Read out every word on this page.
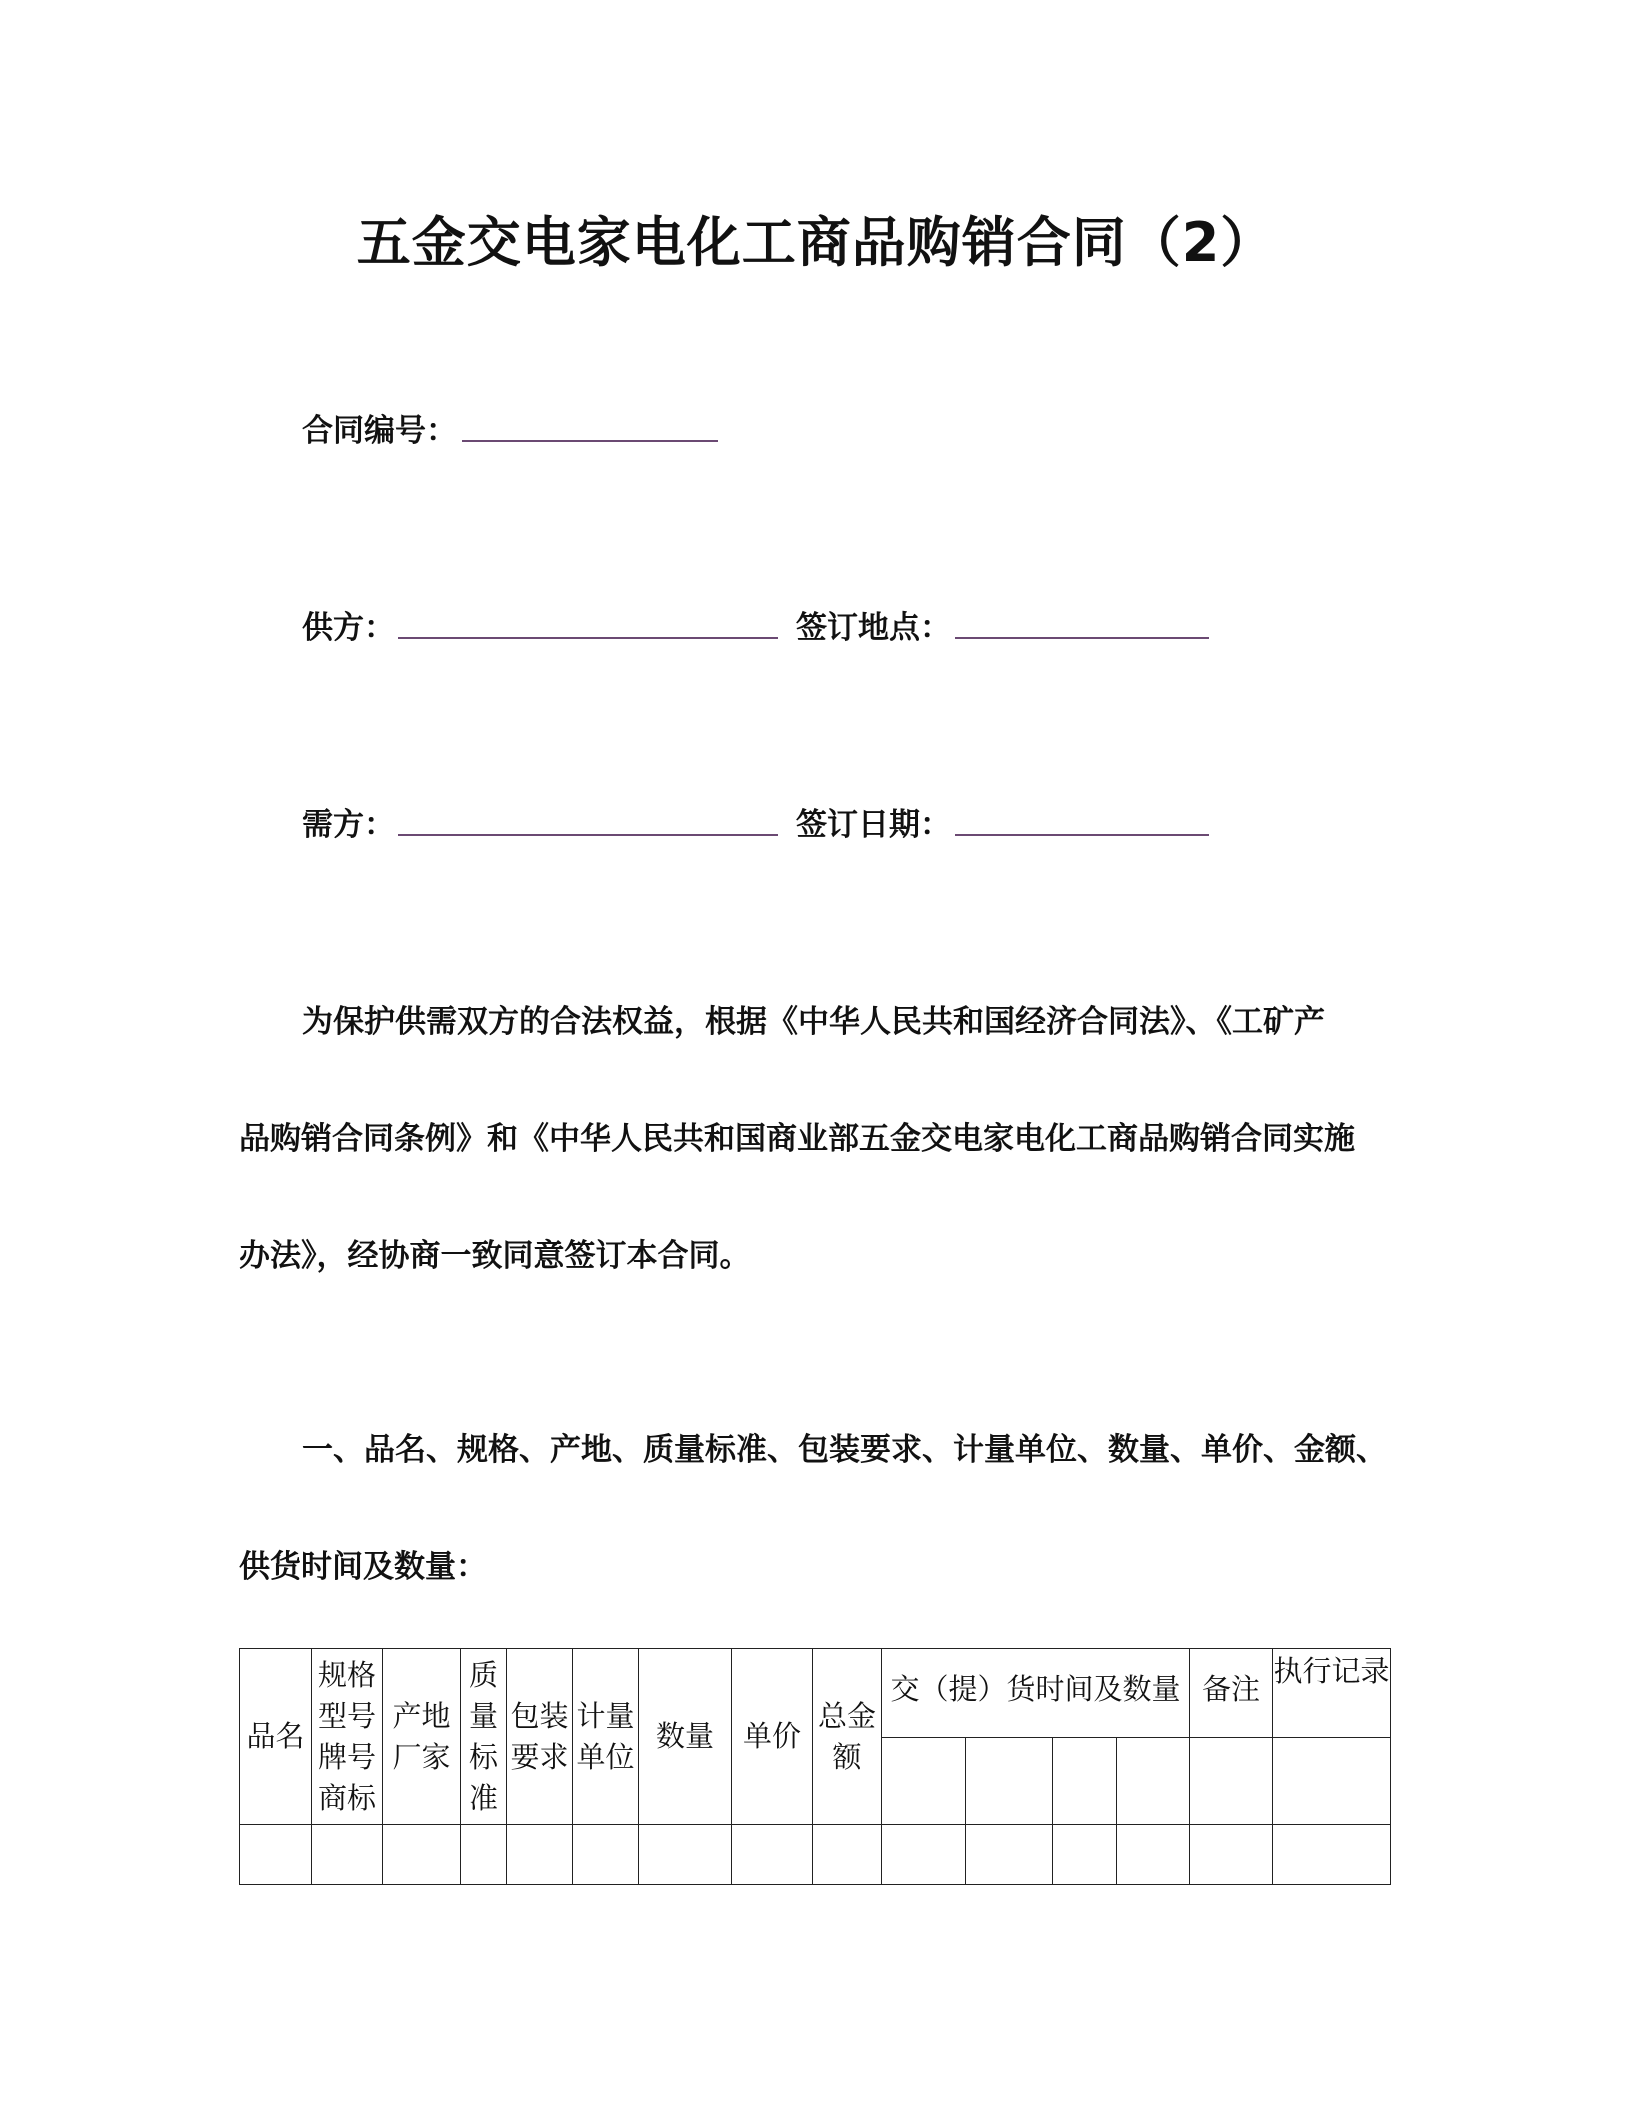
五金交电家电化工商品购销合同（2）
合同编号：
供方：	签订地点：
需方：	签订日期：
为保护供需双方的合法权益，根据《中华人民共和国经济合同法》、《工矿产
品购销合同条例》和《中华人民共和国商业部五金交电家电化工商品购销合同实施
办法》，经协商一致同意签订本合同。
一、品名、规格、产地、质量标准、包装要求、计量单位、数量、单价、金额、
供货时间及数量：
品名	规格型号牌号商标	产地厂家	质量标准	包装要求	计量单位	数量	单价	总金额	交（提）货时间及数量				备注	执行记录
